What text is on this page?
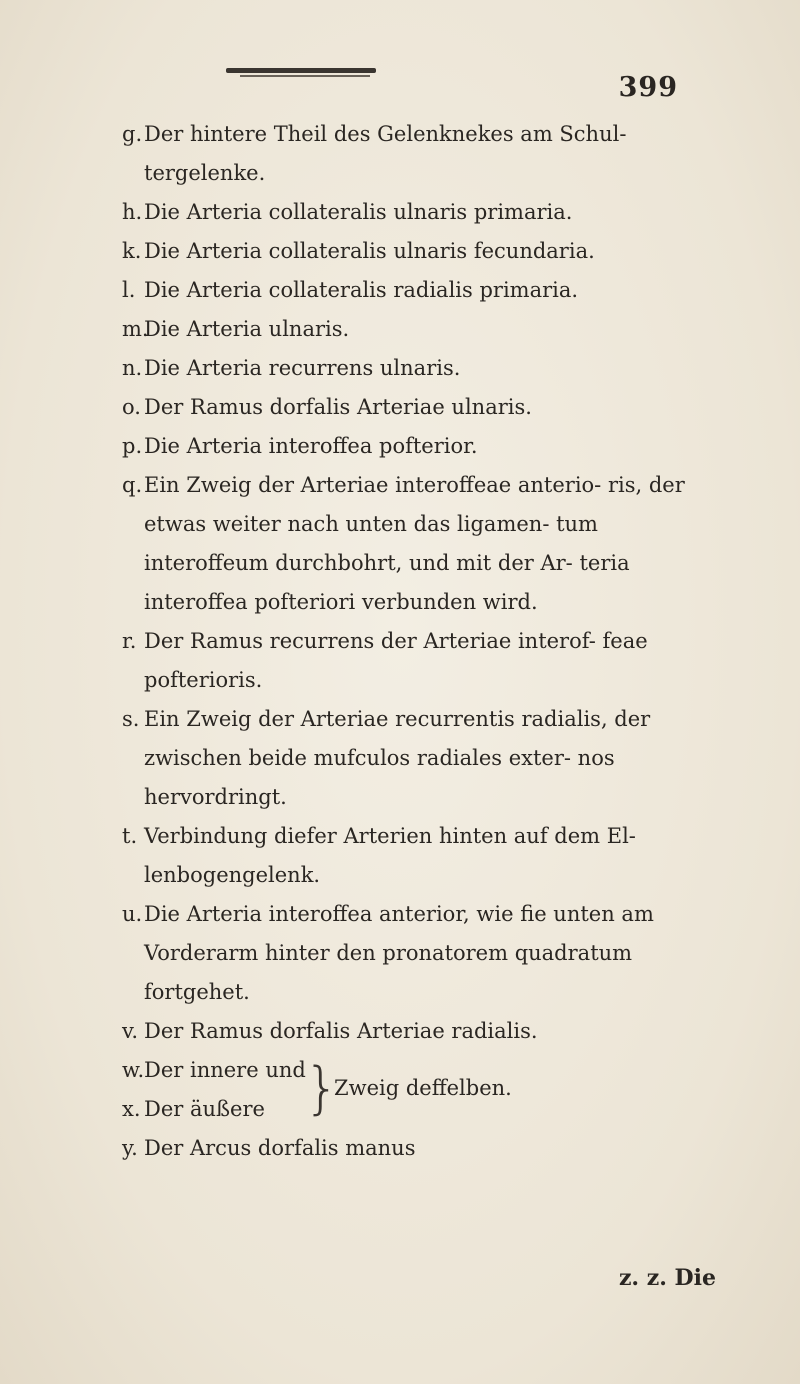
399
g. Der hintere Theil des Gelenknekes am Schul- tergelenke.
h. Die Arteria collateralis ulnaris primaria.
k. Die Arteria collateralis ulnaris fecundaria.
l. Die Arteria collateralis radialis primaria.
m.
Die Arteria ulnaris.
n. Die Arteria recurrens ulnaris.
o. Der Ramus dorfalis Arteriae ulnaris.
p. Die Arteria interoffea pofterior.
q. Ein Zweig der Arteriae interoffeae anterio- ris, der etwas weiter nach unten das ligamen- tum interoffeum durchbohrt, und mit der Ar- teria interoffea pofteriori verbunden wird.
r. Der Ramus recurrens der Arteriae interof- feae pofterioris.
s. Ein Zweig der Arteriae recurrentis radialis, der zwischen beide mufculos radiales exter- nos hervordringt.
t. Verbindung diefer Arterien hinten auf dem El- lenbogengelenk.
u. Die Arteria interoffea anterior, wie fie unten am Vorderarm hinter den pronatorem quadratum fortgehet.
v. Der Ramus dorfalis Arteriae radialis.
w. Der innere und
x. Der äußere }
Zweig deffelben.
y. Der Arcus dorfalis manus
z. z. Die
